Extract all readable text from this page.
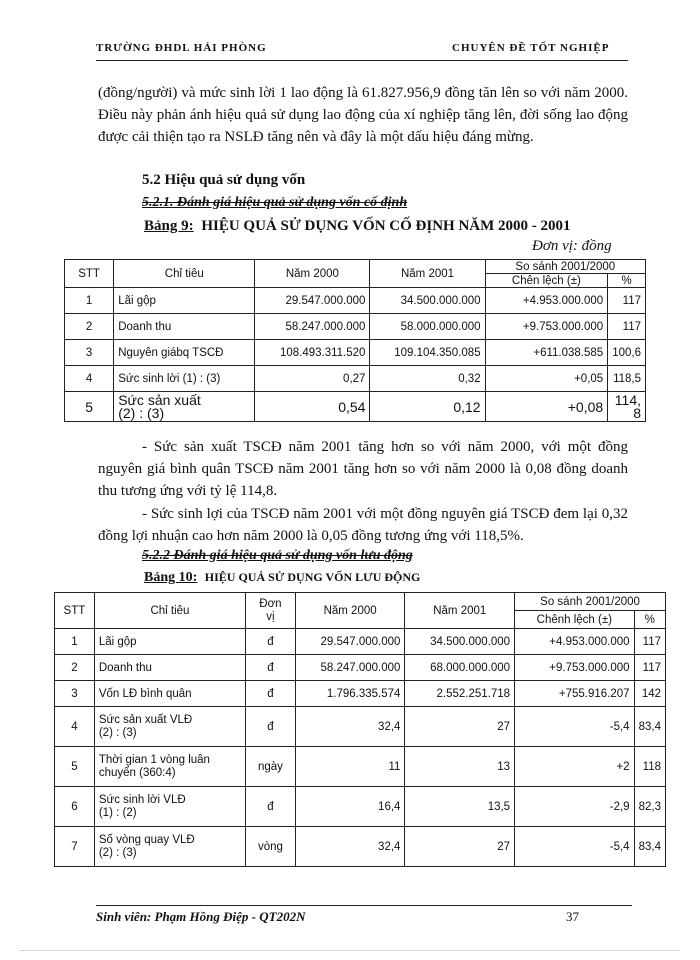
TRƯỜNG ĐHDL HẢI PHÒNG	CHUYÊN ĐỀ TỐT NGHIỆP

(đồng/người) và mức sinh lời 1 lao động là 61.827.956,9 đồng tăn lên so với năm 2000. Điều này phản ánh hiệu quả sử dụng lao động của xí nghiệp tăng lên, đời sống lao động được cải thiện tạo ra NSLĐ tăng nên và đây là một dấu hiệu đáng mừng.

5.2 Hiệu quả sử dụng vốn
5.2.1. Đánh giá hiệu quả sử dụng vốn cố định
Bảng 9: HIỆU QUẢ SỬ DỤNG VỐN CỐ ĐỊNH NĂM 2000 - 2001
Đơn vị: đồng
STT	Chỉ tiêu	Năm 2000	Năm 2001	So sánh 2001/2000	
				Chên lệch (±)	%
1	Lãi gộp	29.547.000.000	34.500.000.000	+4.953.000.000	117
2	Doanh thu	58.247.000.000	58.000.000.000	+9.753.000.000	117
3	Nguyên giábq TSCĐ	108.493.311.520	109.104.350.085	+611.038.585	100,6
4	Sức sinh lời (1) : (3)	0,27	0,32	+0,05	118,5
5	Sức sản xuất
(2) : (3)	0,54	0,12	+0,08	114,8

- Sức sản xuất TSCĐ năm 2001 tăng hơn so với năm 2000, với một đồng nguyên giá bình quân TSCĐ năm 2001 tăng hơn so với năm 2000 là 0,08 đồng doanh thu tương ứng với tỷ lệ 114,8.

- Sức sinh lợi của TSCĐ năm 2001 với một đồng nguyên giá TSCĐ đem lại 0,32 đồng lợi nhuận cao hơn năm 2000 là 0,05 đồng tương ứng với 118,5%.

5.2.2 Đánh giá hiệu quả sử dụng vốn lưu động
Bảng 10: HIỆU QUẢ SỬ DỤNG VỐN LƯU ĐỘNG
STT	Chỉ tiêu	Đơn vị	Năm 2000	Năm 2001	So sánh 2001/2000	
					Chênh lệch (±)	%
1	Lãi gộp	đ	29.547.000.000	34.500.000.000	+4.953.000.000	117
2	Doanh thu	đ	58.247.000.000	68.000.000.000	+9.753.000.000	117
3	Vốn LĐ bình quân	đ	1.796.335.574	2.552.251.718	+755.916.207	142
4	Sức sản xuất VLĐ
(2) : (3)	đ	32,4	27	-5,4	83,4
5	Thời gian 1 vòng luân
chuyển (360:4)	ngày	11	13	+2	118
6	Sức sinh lời VLĐ
(1) : (2)	đ	16,4	13,5	-2,9	82,3
7	Số vòng quay VLĐ
(2) : (3)	vòng	32,4	27	-5,4	83,4
Sinh viên: Phạm Hồng Điệp - QT202N	37
